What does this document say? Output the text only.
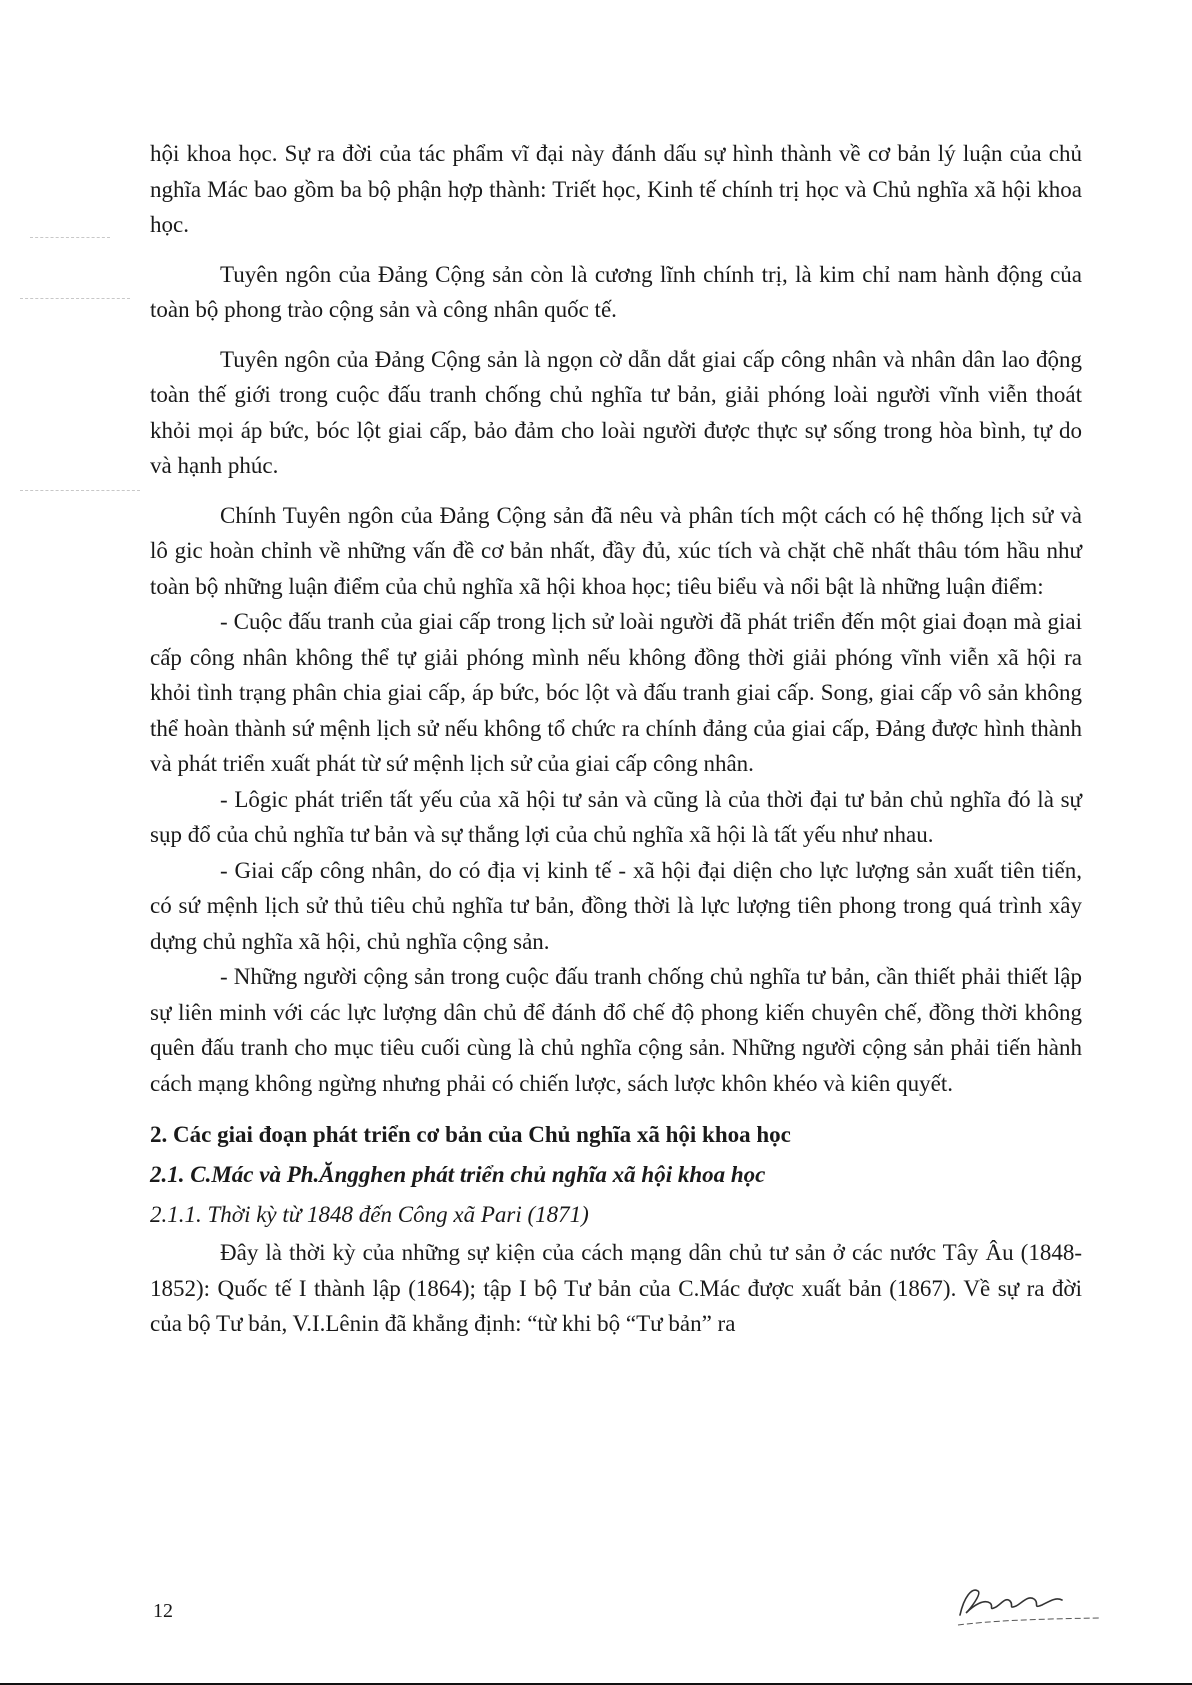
hội khoa học. Sự ra đời của tác phẩm vĩ đại này đánh dấu sự hình thành về cơ bản lý luận của chủ nghĩa Mác bao gồm ba bộ phận hợp thành: Triết học, Kinh tế chính trị học và Chủ nghĩa xã hội khoa học.

Tuyên ngôn của Đảng Cộng sản còn là cương lĩnh chính trị, là kim chỉ nam hành động của toàn bộ phong trào cộng sản và công nhân quốc tế.

Tuyên ngôn của Đảng Cộng sản là ngọn cờ dẫn dắt giai cấp công nhân và nhân dân lao động toàn thế giới trong cuộc đấu tranh chống chủ nghĩa tư bản, giải phóng loài người vĩnh viễn thoát khỏi mọi áp bức, bóc lột giai cấp, bảo đảm cho loài người được thực sự sống trong hòa bình, tự do và hạnh phúc.

Chính Tuyên ngôn của Đảng Cộng sản đã nêu và phân tích một cách có hệ thống lịch sử và lô gic hoàn chỉnh về những vấn đề cơ bản nhất, đầy đủ, xúc tích và chặt chẽ nhất thâu tóm hầu như toàn bộ những luận điểm của chủ nghĩa xã hội khoa học; tiêu biểu và nổi bật là những luận điểm:

- Cuộc đấu tranh của giai cấp trong lịch sử loài người đã phát triển đến một giai đoạn mà giai cấp công nhân không thể tự giải phóng mình nếu không đồng thời giải phóng vĩnh viễn xã hội ra khỏi tình trạng phân chia giai cấp, áp bức, bóc lột và đấu tranh giai cấp. Song, giai cấp vô sản không thể hoàn thành sứ mệnh lịch sử nếu không tổ chức ra chính đảng của giai cấp, Đảng được hình thành và phát triển xuất phát từ sứ mệnh lịch sử của giai cấp công nhân.

- Lôgic phát triển tất yếu của xã hội tư sản và cũng là của thời đại tư bản chủ nghĩa đó là sự sụp đổ của chủ nghĩa tư bản và sự thắng lợi của chủ nghĩa xã hội là tất yếu như nhau.

- Giai cấp công nhân, do có địa vị kinh tế - xã hội đại diện cho lực lượng sản xuất tiên tiến, có sứ mệnh lịch sử thủ tiêu chủ nghĩa tư bản, đồng thời là lực lượng tiên phong trong quá trình xây dựng chủ nghĩa xã hội, chủ nghĩa cộng sản.

- Những người cộng sản trong cuộc đấu tranh chống chủ nghĩa tư bản, cần thiết phải thiết lập sự liên minh với các lực lượng dân chủ để đánh đổ chế độ phong kiến chuyên chế, đồng thời không quên đấu tranh cho mục tiêu cuối cùng là chủ nghĩa cộng sản. Những người cộng sản phải tiến hành cách mạng không ngừng nhưng phải có chiến lược, sách lược khôn khéo và kiên quyết.

2. Các giai đoạn phát triển cơ bản của Chủ nghĩa xã hội khoa học
2.1. C.Mác và Ph.Ăngghen phát triển chủ nghĩa xã hội khoa học
2.1.1. Thời kỳ từ 1848 đến Công xã Pari (1871)

Đây là thời kỳ của những sự kiện của cách mạng dân chủ tư sản ở các nước Tây Âu (1848-1852): Quốc tế I thành lập (1864); tập I bộ Tư bản của C.Mác được xuất bản (1867). Về sự ra đời của bộ Tư bản, V.I.Lênin đã khẳng định: “từ khi bộ “Tư bản” ra

12
